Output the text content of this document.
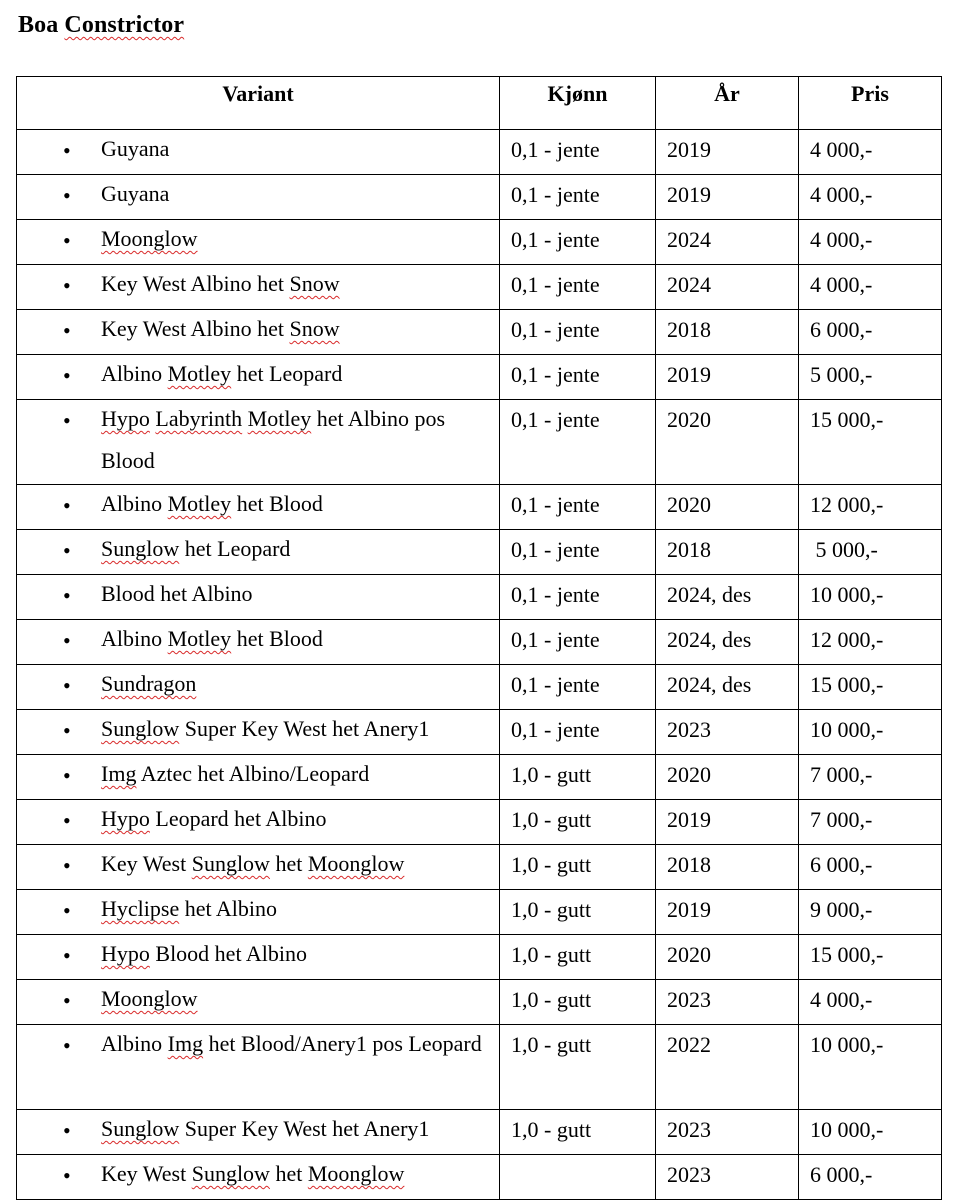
Boa Constrictor
Variant	Kjønn	År	Pris

• Guyana	0,1 - jente	2019	4 000,-

• Guyana	0,1 - jente	2019	4 000,-

• Moonglow	0,1 - jente	2024	4 000,-

• Key West Albino het Snow	0,1 - jente	2024	4 000,-

• Key West Albino het Snow	0,1 - jente	2018	6 000,-

• Albino Motley het Leopard	0,1 - jente	2019	5 000,-

• Hypo Labyrinth Motley het Albino pos Blood	0,1 - jente	2020	15 000,-

• Albino Motley het Blood	0,1 - jente	2020	12 000,-

• Sunglow het Leopard	0,1 - jente	2018	5 000,-

• Blood het Albino	0,1 - jente	2024, des	10 000,-

• Albino Motley het Blood	0,1 - jente	2024, des	12 000,-

• Sundragon	0,1 - jente	2024, des	15 000,-

• Sunglow Super Key West het Anery1	0,1 - jente	2023	10 000,-

• Img Aztec het Albino/Leopard	1,0 - gutt	2020	7 000,-

• Hypo Leopard het Albino	1,0 - gutt	2019	7 000,-

• Key West Sunglow het Moonglow	1,0 - gutt	2018	6 000,-

• Hyclipse het Albino	1,0 - gutt	2019	9 000,-

• Hypo Blood het Albino	1,0 - gutt	2020	15 000,-

• Moonglow	1,0 - gutt	2023	4 000,-

• Albino Img het Blood/Anery1 pos Leopard	1,0 - gutt	2022	10 000,-

• Sunglow Super Key West het Anery1	1,0 - gutt	2023	10 000,-

• Key West Sunglow het Moonglow		2023	6 000,-
